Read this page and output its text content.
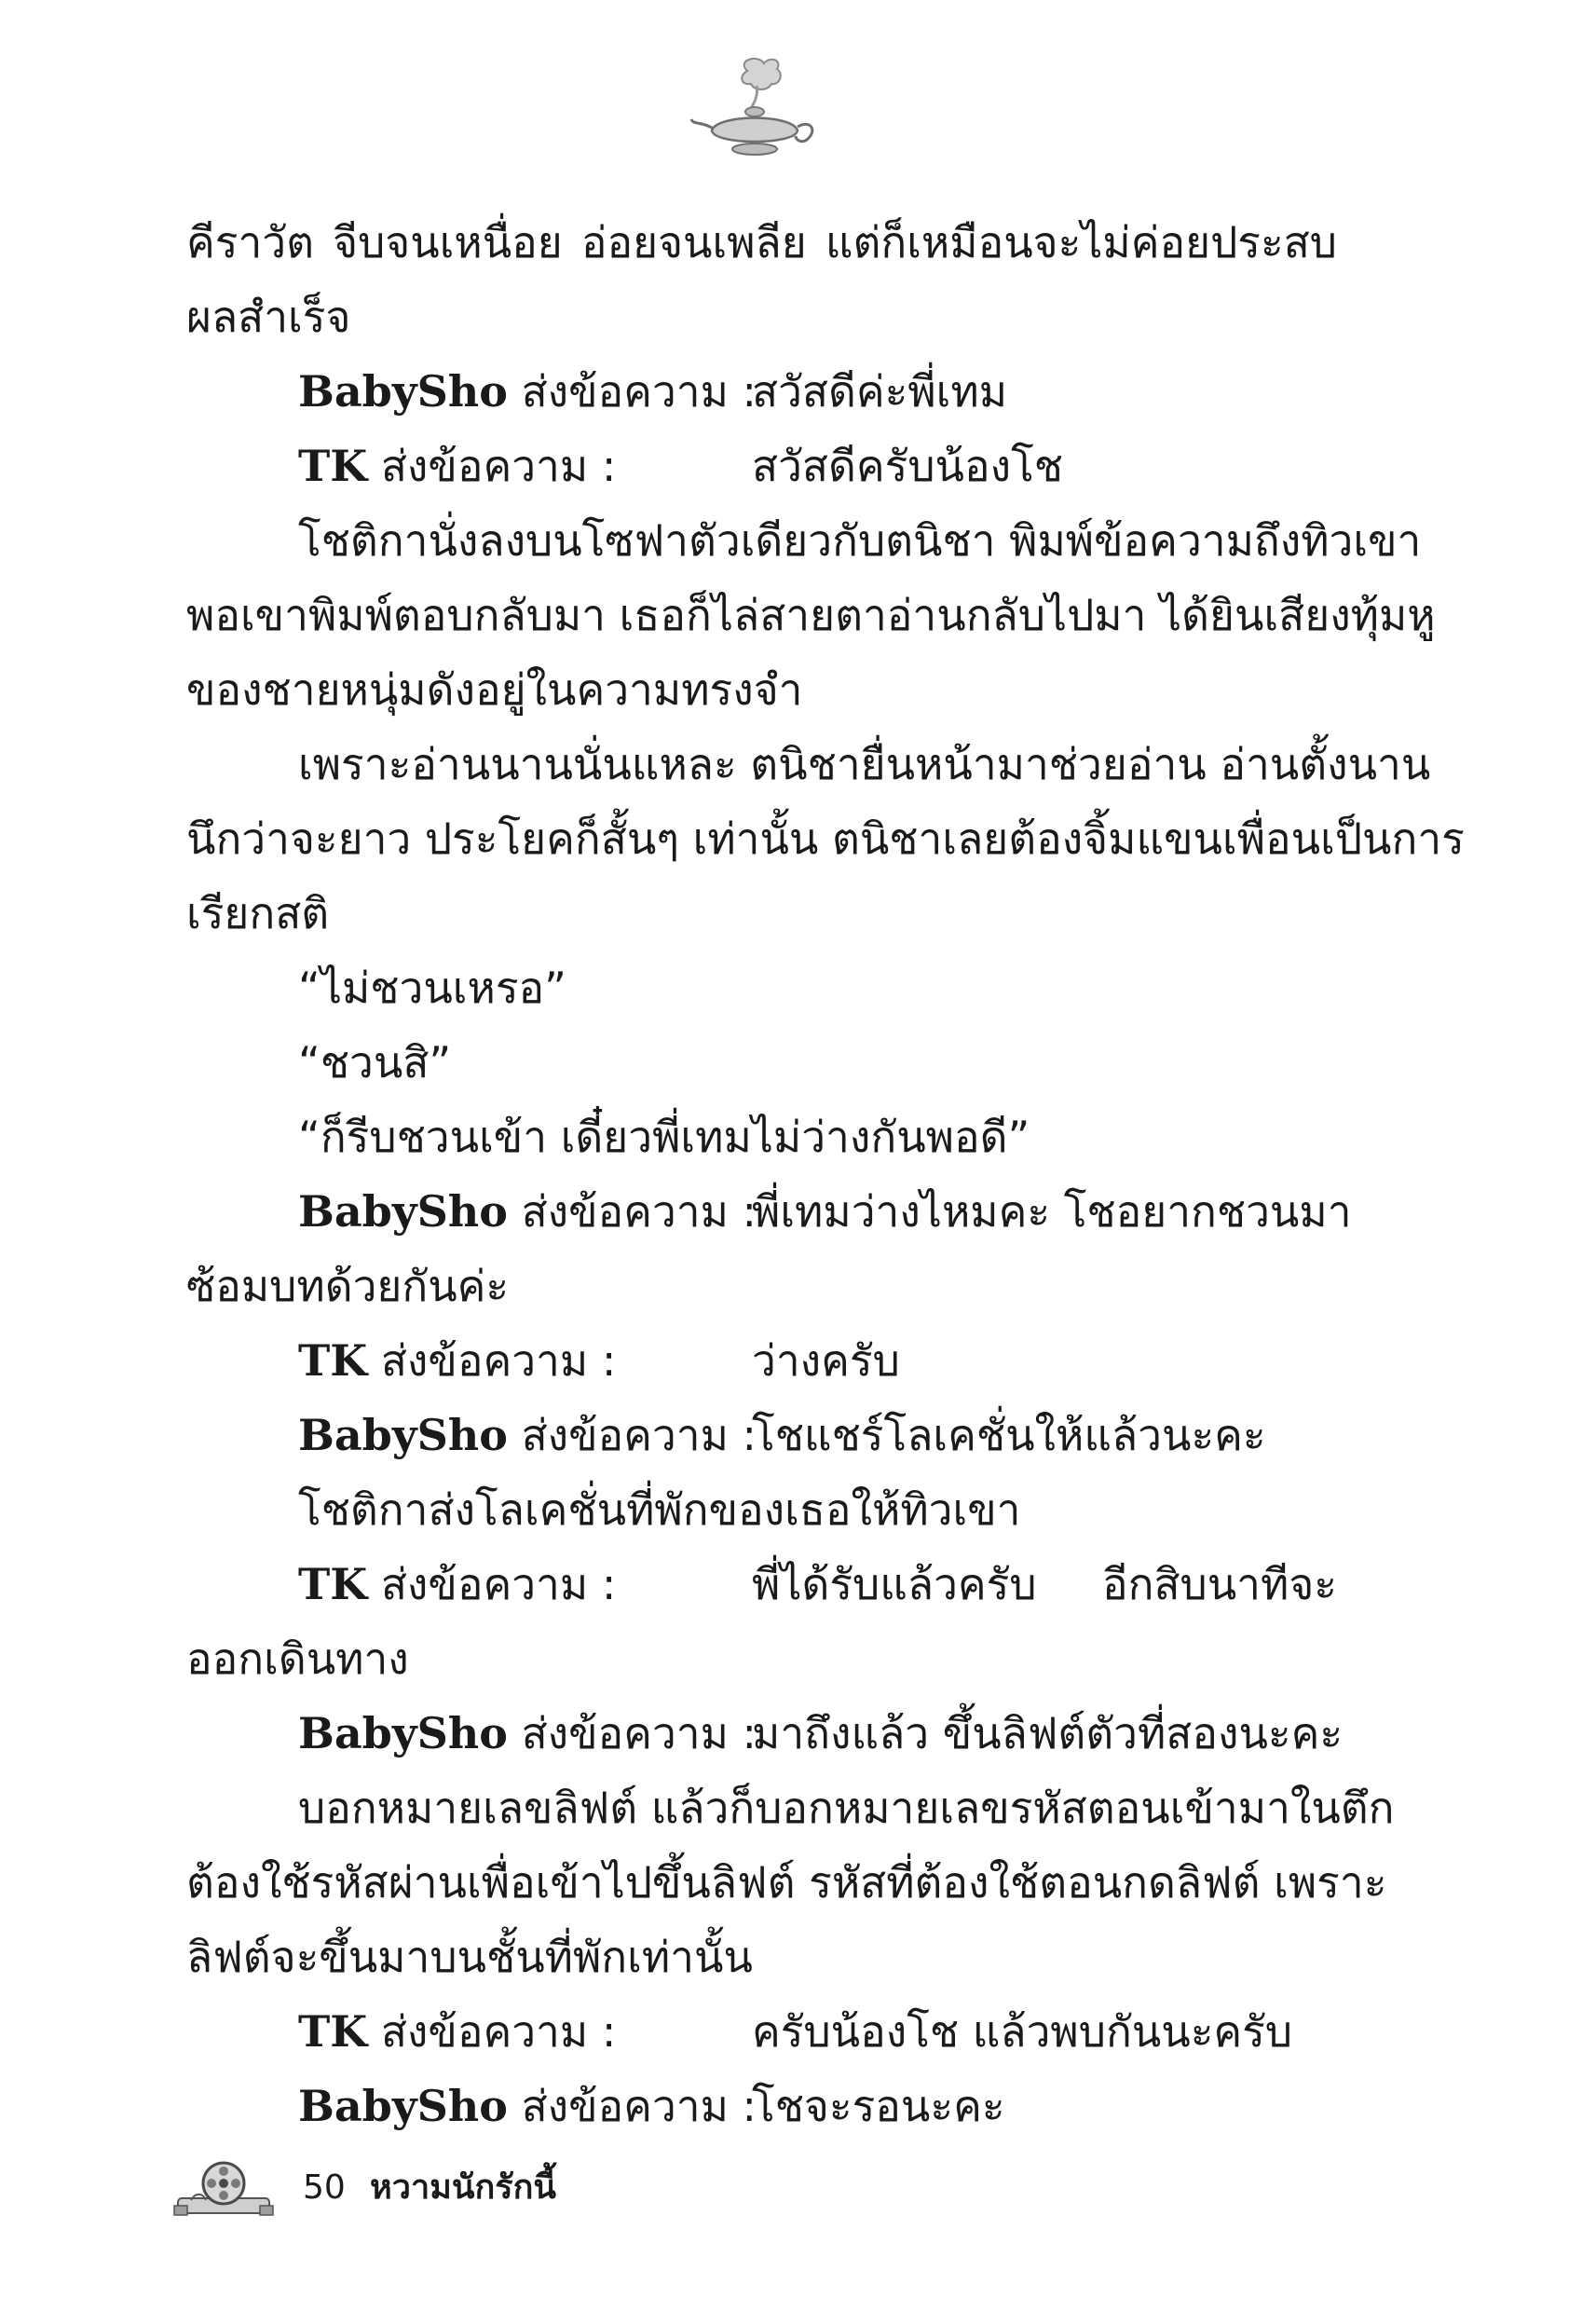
คีราวัต จีบจนเหนื่อย อ่อยจนเพลีย แต่ก็เหมือนจะไม่ค่อยประสบ
ผลสำเร็จ
BabySho ส่งข้อความ :
สวัสดีค่ะพี่เทม
TK ส่งข้อความ :	สวัสดีครับน้องโช
โชติกานั่งลงบนโซฟาตัวเดียวกับตนิชา พิมพ์ข้อความถึงทิวเขา
พอเขาพิมพ์ตอบกลับมา เธอก็ไล่สายตาอ่านกลับไปมา ได้ยินเสียงทุ้มหู
ของชายหนุ่มดังอยู่ในความทรงจำ
เพราะอ่านนานนั่นแหละ ตนิชายื่นหน้ามาช่วยอ่าน อ่านตั้งนาน
นึกว่าจะยาว ประโยคก็สั้นๆ เท่านั้น ตนิชาเลยต้องจิ้มแขนเพื่อนเป็นการ
เรียกสติ
“ไม่ชวนเหรอ”
“ชวนสิ”
“ก็รีบชวนเข้า เดี๋ยวพี่เทมไม่ว่างกันพอดี”
BabySho ส่งข้อความ :
พี่เทมว่างไหมคะ โชอยากชวนมา
ซ้อมบทด้วยกันค่ะ
TK ส่งข้อความ :	ว่างครับ
BabySho ส่งข้อความ :
โชแชร์โลเคชั่นให้แล้วนะคะ
โชติกาส่งโลเคชั่นที่พักของเธอให้ทิวเขา
TK ส่งข้อความ :	พี่ได้รับแล้วครับ อีกสิบนาทีจะ
ออกเดินทาง
BabySho ส่งข้อความ :
มาถึงแล้ว ขึ้นลิฟต์ตัวที่สองนะคะ
บอกหมายเลขลิฟต์ แล้วก็บอกหมายเลขรหัสตอนเข้ามาในตึก
ต้องใช้รหัสผ่านเพื่อเข้าไปขึ้นลิฟต์ รหัสที่ต้องใช้ตอนกดลิฟต์ เพราะ
ลิฟต์จะขึ้นมาบนชั้นที่พักเท่านั้น
TK ส่งข้อความ :	ครับน้องโช แล้วพบกันนะครับ
BabySho ส่งข้อความ :
โชจะรอนะคะ
50 หวามนักรักนี้
